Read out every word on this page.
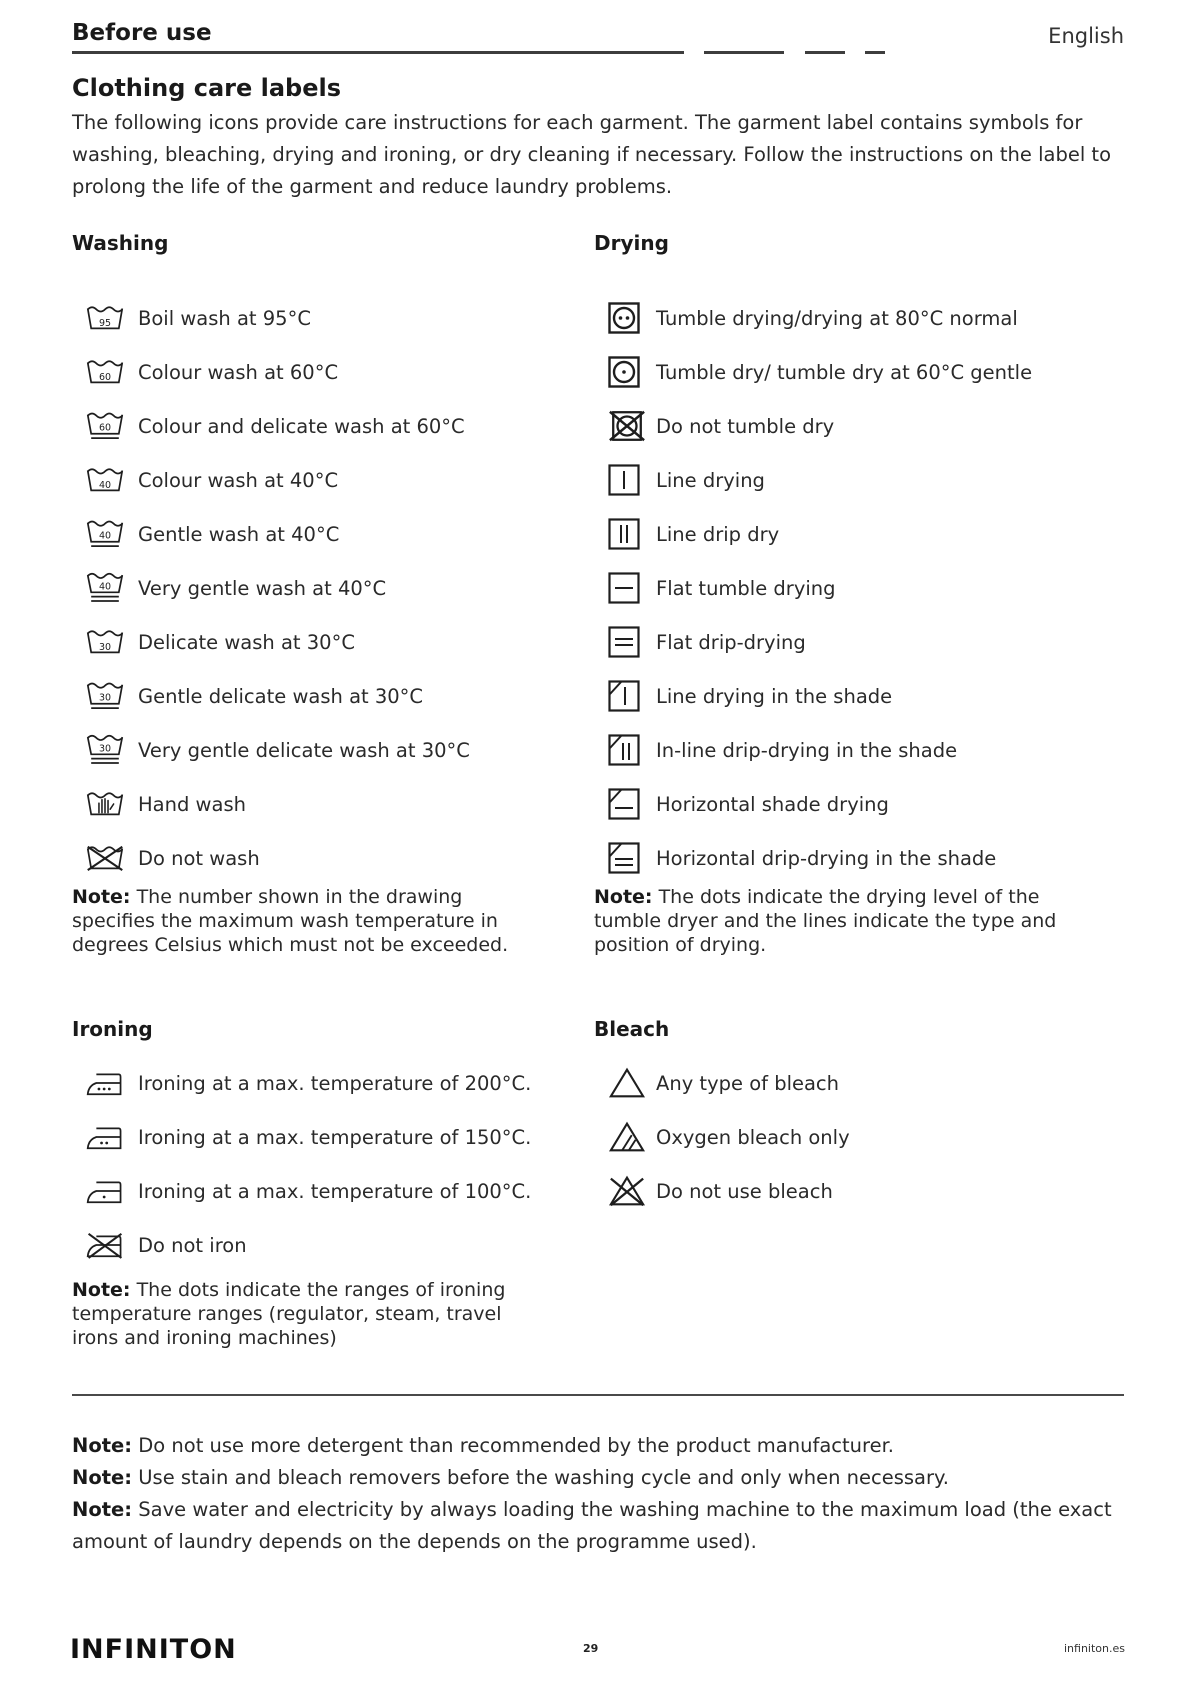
Before use	English
Clothing care labels

The following icons provide care instructions for each garment. The garment label contains symbols for washing, bleaching, drying and ironing, or dry cleaning if necessary. Follow the instructions on the label to prolong the life of the garment and reduce laundry problems.

Washing
95 Boil wash at 95°C
60 Colour wash at 60°C
60 Colour and delicate wash at 60°C
40 Colour wash at 40°C
40 Gentle wash at 40°C
40 Very gentle wash at 40°C
30 Delicate wash at 30°C
30 Gentle delicate wash at 30°C
30 Very gentle delicate wash at 30°C
Hand wash
Do not wash

Note: The number shown in the drawing specifies the maximum wash temperature in degrees Celsius which must not be exceeded.

Drying
Tumble drying/drying at 80°C normal
Tumble dry/ tumble dry at 60°C gentle
Do not tumble dry
Line drying
Line drip dry
Flat tumble drying
Flat drip-drying
Line drying in the shade
In-line drip-drying in the shade
Horizontal shade drying
Horizontal drip-drying in the shade

Note: The dots indicate the drying level of the tumble dryer and the lines indicate the type and position of drying.

Ironing
Ironing at a max. temperature of 200°C.
Ironing at a max. temperature of 150°C.
Ironing at a max. temperature of 100°C.
Do not iron

Note: The dots indicate the ranges of ironing temperature ranges (regulator, steam, travel irons and ironing machines)

Bleach
Any type of bleach
Oxygen bleach only
Do not use bleach

Note: Do not use more detergent than recommended by the product manufacturer.

Note: Use stain and bleach removers before the washing cycle and only when necessary.

Note: Save water and electricity by always loading the washing machine to the maximum load (the exact amount of laundry depends on the depends on the programme used).

INFINITON	29	infiniton.es
